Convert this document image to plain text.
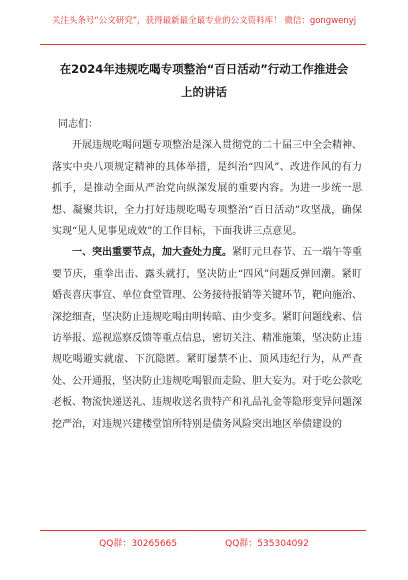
关注头条号“公文研究”，获得最新最全最专业的公文资料库！ 微信：gongwenyj
在2024年违规吃喝专项整治“百日活动”行动工作推进会
上的讲话

同志们：

开展违规吃喝问题专项整治是深入贯彻党的二十届三中全会精神、落实中央八项规定精神的具体举措，是纠治“四风”、改进作风的有力抓手，是推动全面从严治党向纵深发展的重要内容。为进一步统一思想、凝聚共识，全力打好违规吃喝专项整治“百日活动”攻坚战，确保实现“见人见事见成效”的工作目标，下面我讲三点意见。

一、突出重要节点，加大查处力度。紧盯元旦春节、五一端午等重要节庆，重拳出击、露头就打，坚决防止“四风”问题反弹回潮。紧盯婚丧喜庆事宜、单位食堂管理、公务接待报销等关键环节，靶向施治、深挖细查，坚决防止违规吃喝由明转暗、由少变多。紧盯问题线索、信访举报、巡视巡察反馈等重点信息，密切关注、精准施策，坚决防止违规吃喝避实就虚、下沉隐匿。紧盯屡禁不止、顶风违纪行为，从严查处、公开通报，坚决防止违规吃喝银而走险、胆大妄为。对于吃公款吃老板、物流快递送礼、违规收送名贵特产和礼品礼金等隐形变异问题深挖严治，对违规兴建楼堂馆所特别是债务风险突出地区举债建设的

QQ群：30265665	QQ群：535304092
